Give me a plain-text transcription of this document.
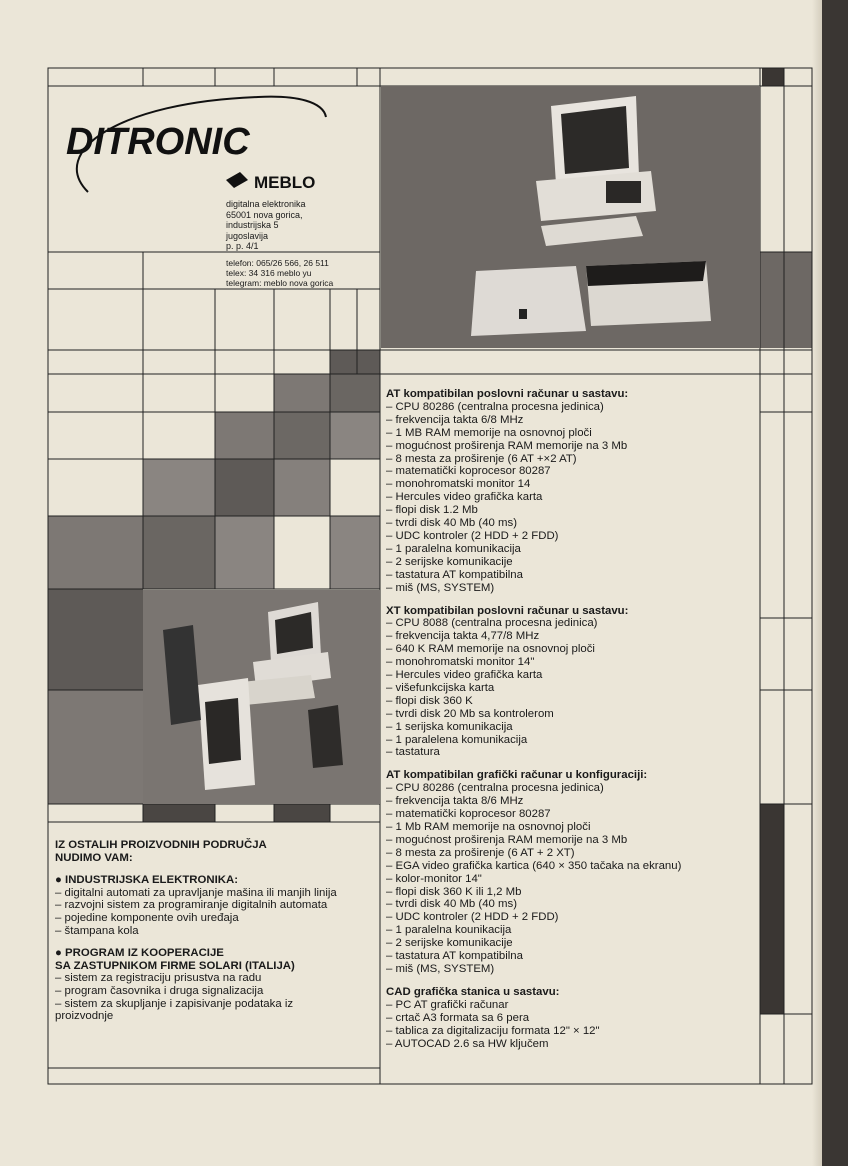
DITRONIC
MEBLO
digitalna elektronika
65001 nova gorica,
industrijska 5
jugoslavija
p. p. 4/1
telefon: 065/26 566, 26 511
telex: 34 316 meblo yu
telegram: meblo nova gorica
AT kompatibilan poslovni računar u sastavu:
– CPU 80286 (centralna procesna jedinica)
– frekvencija takta 6/8 MHz
– 1 MB RAM memorije na osnovnoj ploči
– mogućnost proširenja RAM memorije na 3 Mb
– 8 mesta za proširenje (6 AT +×2 AT)
– matematički koprocesor 80287
– monohromatski monitor 14
– Hercules video grafička karta
– flopi disk 1.2 Mb
– tvrdi disk 40 Mb (40 ms)
– UDC kontroler (2 HDD + 2 FDD)
– 1 paralelna komunikacija
– 2 serijske komunikacije
– tastatura AT kompatibilna
– miš (MS, SYSTEM)
XT kompatibilan poslovni računar u sastavu:
– CPU 8088 (centralna procesna jedinica)
– frekvencija takta 4,77/8 MHz
– 640 K RAM memorije na osnovnoj ploči
– monohromatski monitor 14"
– Hercules video grafička karta
– višefunkcijska karta
– flopi disk 360 K
– tvrdi disk 20 Mb sa kontrolerom
– 1 serijska komunikacija
– 1 paralelena komunikacija
– tastatura
AT kompatibilan grafički računar u konfiguraciji:
– CPU 80286 (centralna procesna jedinica)
– frekvencija takta 8/6 MHz
– matematički koprocesor 80287
– 1 Mb RAM memorije na osnovnoj ploči
– mogućnost proširenja RAM memorije na 3 Mb
– 8 mesta za proširenje (6 AT + 2 XT)
– EGA video grafička kartica (640 × 350 tačaka na ekranu)
– kolor-monitor 14"
– flopi disk 360 K ili 1,2 Mb
– tvrdi disk 40 Mb (40 ms)
– UDC kontroler (2 HDD + 2 FDD)
– 1 paralelna kounikacija
– 2 serijske komunikacije
– tastatura AT kompatibilna
– miš (MS, SYSTEM)
CAD grafička stanica u sastavu:
– PC AT grafički računar
– crtač A3 formata sa 6 pera
– tablica za digitalizaciju formata 12" × 12"
– AUTOCAD 2.6 sa HW ključem
IZ OSTALIH PROIZVODNIH PODRUČJA
NUDIMO VAM:
● INDUSTRIJSKA ELEKTRONIKA:
– digitalni automati za upravljanje mašina ili manjih linija
– razvojni sistem za programiranje digitalnih automata
– pojedine komponente ovih uređaja
– štampana kola
● PROGRAM IZ KOOPERACIJE
SA ZASTUPNIKOM FIRME SOLARI (ITALIJA)
– sistem za registraciju prisustva na radu
– program časovnika i druga signalizacija
– sistem za skupljanje i zapisivanje podataka iz proizvodnje
